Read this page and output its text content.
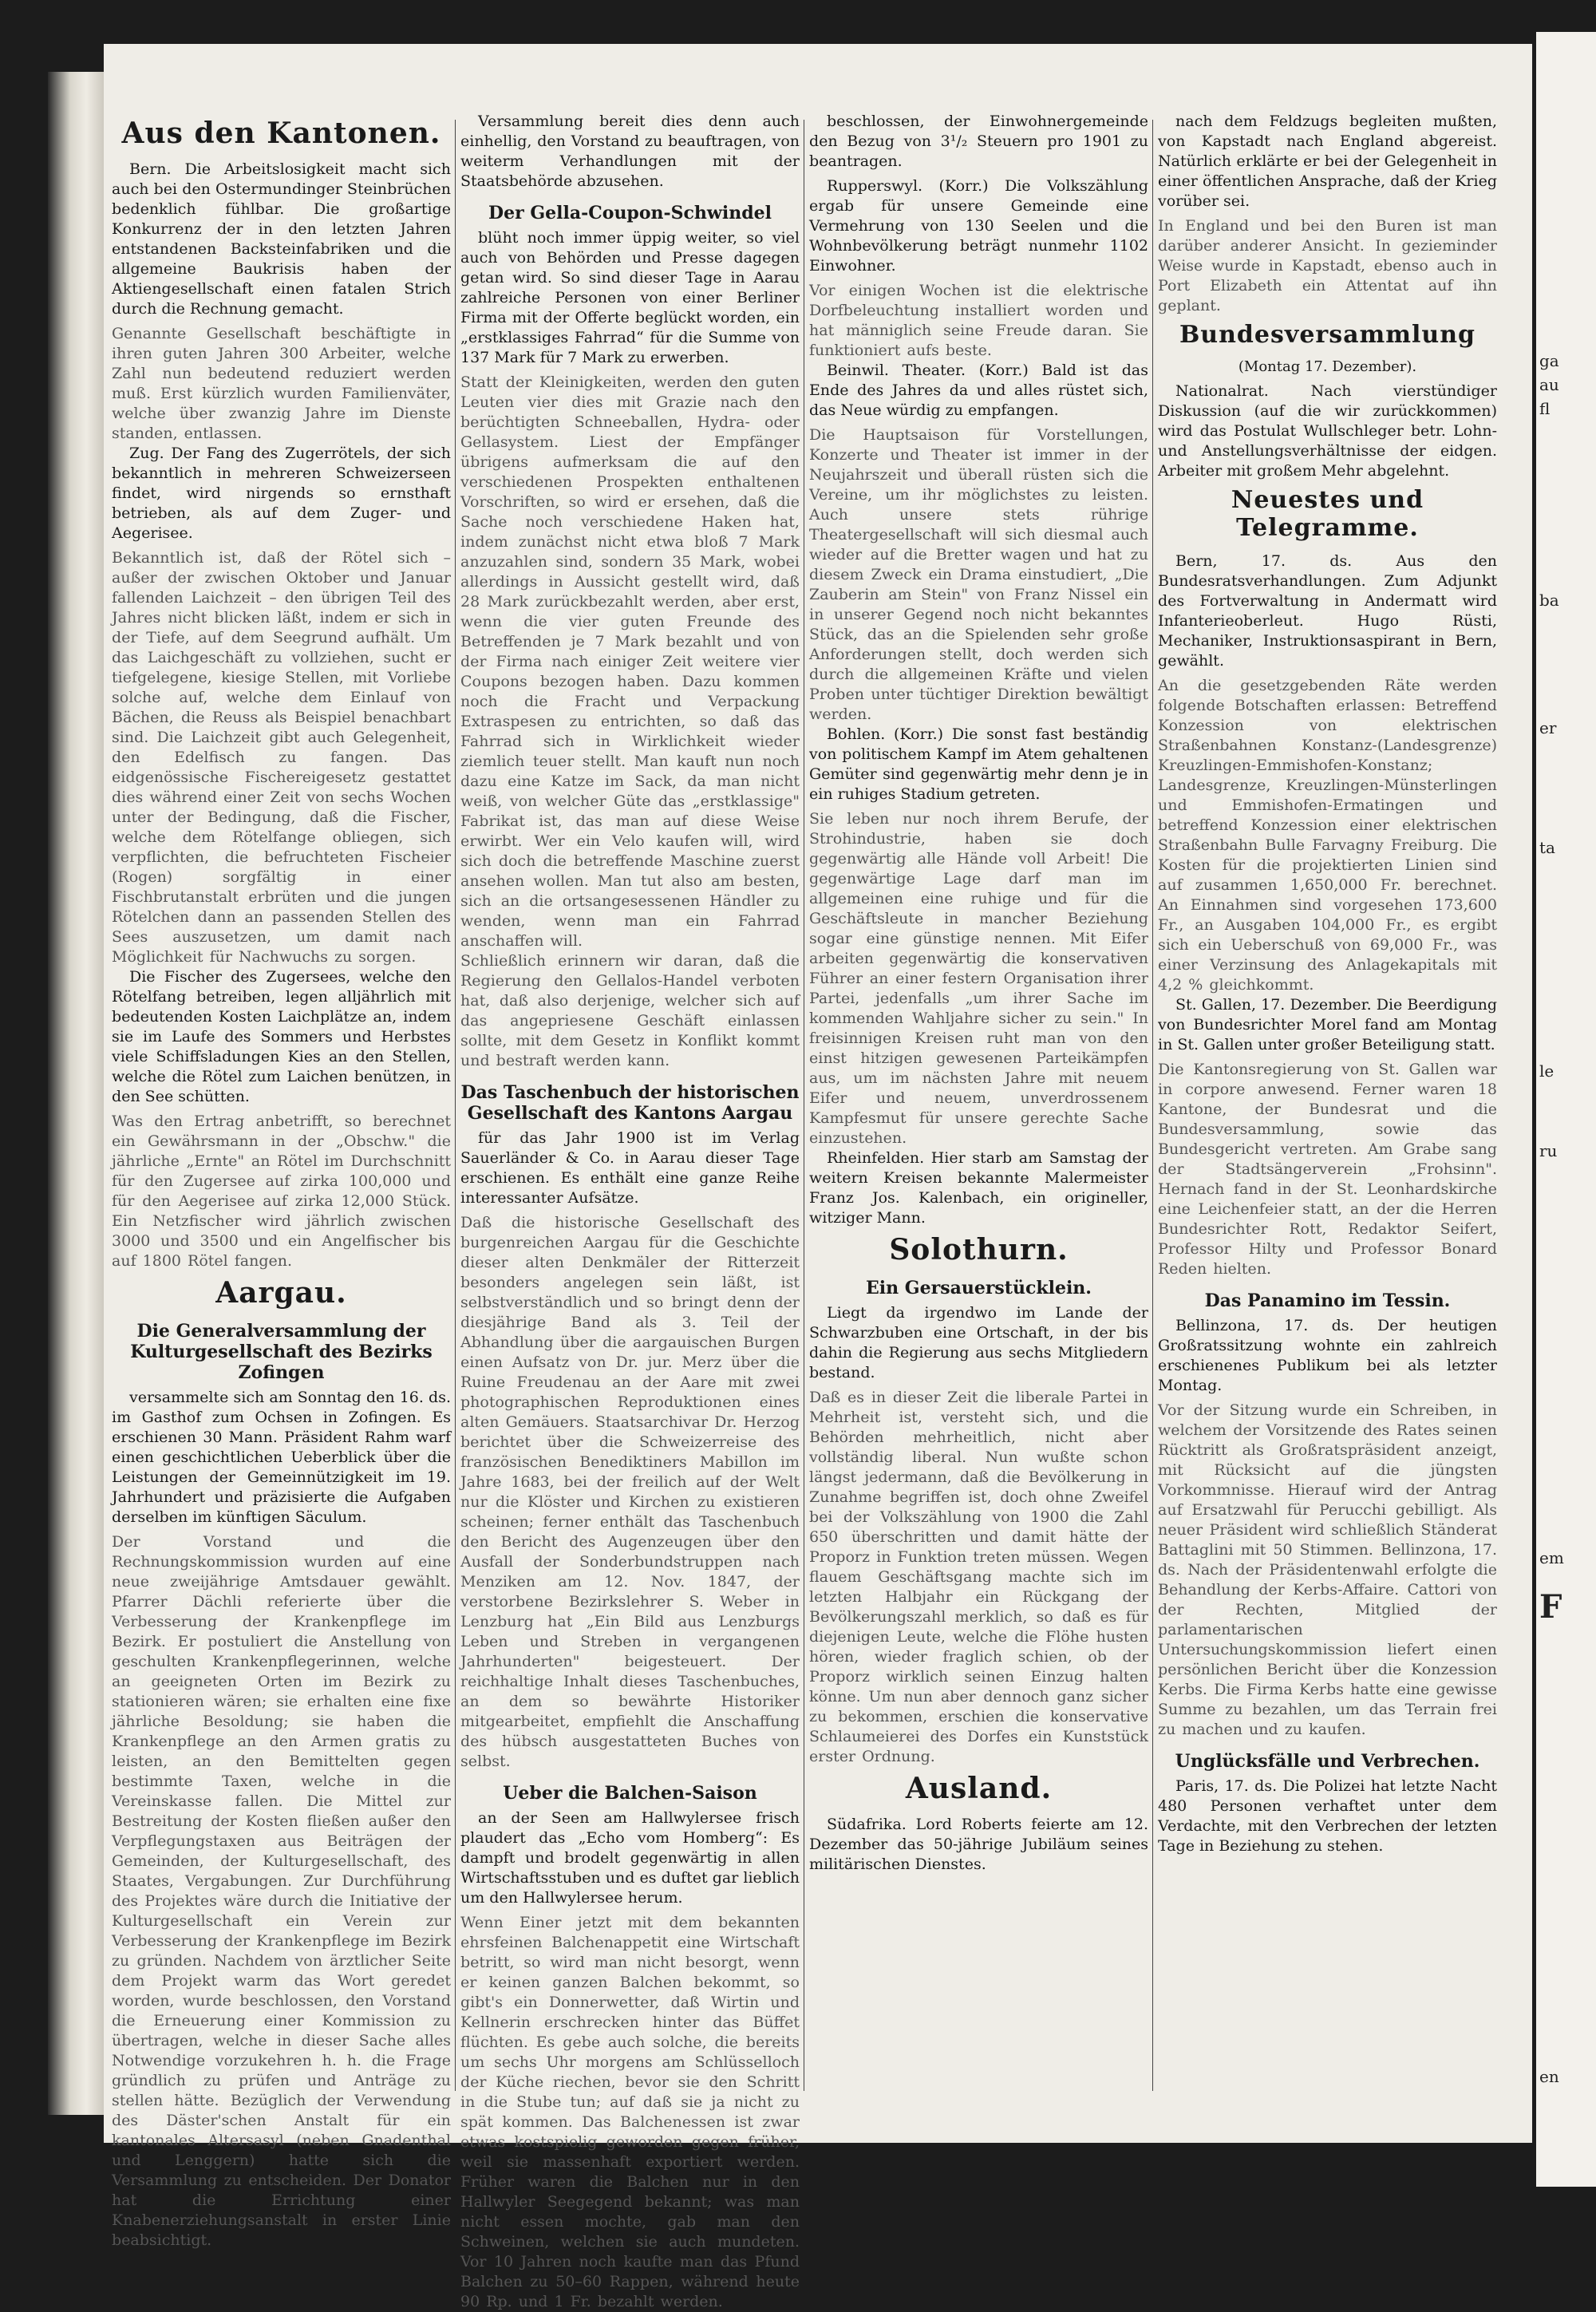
Aus den Kantonen.

Bern. Die Arbeitslosigkeit macht sich auch bei den Ostermundinger Steinbrüchen bedenklich fühlbar. Die großartige Konkurrenz der in den letzten Jahren entstandenen Backsteinfabriken und die allgemeine Baukrisis haben der Aktiengesellschaft einen fatalen Strich durch die Rechnung gemacht.

Genannte Gesellschaft beschäftigte in ihren guten Jahren 300 Arbeiter, welche Zahl nun bedeutend reduziert werden muß. Erst kürzlich wurden Familienväter, welche über zwanzig Jahre im Dienste standen, entlassen.

Zug. Der Fang des Zugerrötels, der sich bekanntlich in mehreren Schweizerseen findet, wird nirgends so ernsthaft betrieben, als auf dem Zuger- und Aegerisee.

Bekanntlich ist, daß der Rötel sich – außer der zwischen Oktober und Januar fallenden Laichzeit – den übrigen Teil des Jahres nicht blicken läßt, indem er sich in der Tiefe, auf dem Seegrund aufhält. Um das Laichgeschäft zu vollziehen, sucht er tiefgelegene, kiesige Stellen, mit Vorliebe solche auf, welche dem Einlauf von Bächen, die Reuss als Beispiel benachbart sind. Die Laichzeit gibt auch Gelegenheit, den Edelfisch zu fangen. Das eidgenössische Fischereigesetz gestattet dies während einer Zeit von sechs Wochen unter der Bedingung, daß die Fischer, welche dem Rötelfange obliegen, sich verpflichten, die befruchteten Fischeier (Rogen) sorgfältig in einer Fischbrutanstalt erbrüten und die jungen Rötelchen dann an passenden Stellen des Sees auszusetzen, um damit nach Möglichkeit für Nachwuchs zu sorgen.

Die Fischer des Zugersees, welche den Rötelfang betreiben, legen alljährlich mit bedeutenden Kosten Laichplätze an, indem sie im Laufe des Sommers und Herbstes viele Schiffsladungen Kies an den Stellen, welche die Rötel zum Laichen benützen, in den See schütten.

Was den Ertrag anbetrifft, so berechnet ein Gewährsmann in der „Obschw." die jährliche „Ernte" an Rötel im Durchschnitt für den Zugersee auf zirka 100,000 und für den Aegerisee auf zirka 12,000 Stück. Ein Netzfischer wird jährlich zwischen 3000 und 3500 und ein Angelfischer bis auf 1800 Rötel fangen.

Aargau.
Die Generalversammlung der Kulturgesellschaft des Bezirks Zofingen

versammelte sich am Sonntag den 16. ds. im Gasthof zum Ochsen in Zofingen. Es erschienen 30 Mann. Präsident Rahm warf einen geschichtlichen Ueberblick über die Leistungen der Gemeinnützigkeit im 19. Jahrhundert und präzisierte die Aufgaben derselben im künftigen Säculum.

Der Vorstand und die Rechnungskommission wurden auf eine neue zweijährige Amtsdauer gewählt. Pfarrer Dächli referierte über die Verbesserung der Krankenpflege im Bezirk. Er postuliert die Anstellung von geschulten Krankenpflegerinnen, welche an geeigneten Orten im Bezirk zu stationieren wären; sie erhalten eine fixe jährliche Besoldung; sie haben die Krankenpflege an den Armen gratis zu leisten, an den Bemittelten gegen bestimmte Taxen, welche in die Vereinskasse fallen. Die Mittel zur Bestreitung der Kosten fließen außer den Verpflegungstaxen aus Beiträgen der Gemeinden, der Kulturgesellschaft, des Staates, Vergabungen. Zur Durchführung des Projektes wäre durch die Initiative der Kulturgesellschaft ein Verein zur Verbesserung der Krankenpflege im Bezirk zu gründen. Nachdem von ärztlicher Seite dem Projekt warm das Wort geredet worden, wurde beschlossen, den Vorstand die Erneuerung einer Kommission zu übertragen, welche in dieser Sache alles Notwendige vorzukehren h. h. die Frage gründlich zu prüfen und Anträge zu stellen hätte. Bezüglich der Verwendung des Däster'schen Anstalt für ein kantonales Altersasyl (neben Gnadenthal und Lenggern) hatte sich die Versammlung zu entscheiden. Der Donator hat die Errichtung einer Knabenerziehungsanstalt in erster Linie beabsichtigt.

Versammlung bereit dies denn auch einhellig, den Vorstand zu beauftragen, von weiterm Verhandlungen mit der Staatsbehörde abzusehen.

Der Gella-Coupon-Schwindel

blüht noch immer üppig weiter, so viel auch von Behörden und Presse dagegen getan wird. So sind dieser Tage in Aarau zahlreiche Personen von einer Berliner Firma mit der Offerte beglückt worden, ein „erstklassiges Fahrrad“ für die Summe von 137 Mark für 7 Mark zu erwerben.

Statt der Kleinigkeiten, werden den guten Leuten vier dies mit Grazie nach den berüchtigten Schneeballen, Hydra- oder Gellasystem. Liest der Empfänger übrigens aufmerksam die auf den verschiedenen Prospekten enthaltenen Vorschriften, so wird er ersehen, daß die Sache noch verschiedene Haken hat, indem zunächst nicht etwa bloß 7 Mark anzuzahlen sind, sondern 35 Mark, wobei allerdings in Aussicht gestellt wird, daß 28 Mark zurückbezahlt werden, aber erst, wenn die vier guten Freunde des Betreffenden je 7 Mark bezahlt und von der Firma nach einiger Zeit weitere vier Coupons bezogen haben. Dazu kommen noch die Fracht und Verpackung Extraspesen zu entrichten, so daß das Fahrrad sich in Wirklichkeit wieder ziemlich teuer stellt. Man kauft nun noch dazu eine Katze im Sack, da man nicht weiß, von welcher Güte das „erstklassige" Fabrikat ist, das man auf diese Weise erwirbt. Wer ein Velo kaufen will, wird sich doch die betreffende Maschine zuerst ansehen wollen. Man tut also am besten, sich an die ortsangesessenen Händler zu wenden, wenn man ein Fahrrad anschaffen will.

Schließlich erinnern wir daran, daß die Regierung den Gellalos-Handel verboten hat, daß also derjenige, welcher sich auf das angepriesene Geschäft einlassen sollte, mit dem Gesetz in Konflikt kommt und bestraft werden kann.

Das Taschenbuch der historischen Gesellschaft des Kantons Aargau

für das Jahr 1900 ist im Verlag Sauerländer & Co. in Aarau dieser Tage erschienen. Es enthält eine ganze Reihe interessanter Aufsätze.

Daß die historische Gesellschaft des burgenreichen Aargau für die Geschichte dieser alten Denkmäler der Ritterzeit besonders angelegen sein läßt, ist selbstverständlich und so bringt denn der diesjährige Band als 3. Teil der Abhandlung über die aargauischen Burgen einen Aufsatz von Dr. jur. Merz über die Ruine Freudenau an der Aare mit zwei photographischen Reproduktionen eines alten Gemäuers. Staatsarchivar Dr. Herzog berichtet über die Schweizerreise des französischen Benediktiners Mabillon im Jahre 1683, bei der freilich auf der Welt nur die Klöster und Kirchen zu existieren scheinen; ferner enthält das Taschenbuch den Bericht des Augenzeugen über den Ausfall der Sonderbundstruppen nach Menziken am 12. Nov. 1847, der verstorbene Bezirkslehrer S. Weber in Lenzburg hat „Ein Bild aus Lenzburgs Leben und Streben in vergangenen Jahrhunderten" beigesteuert. Der reichhaltige Inhalt dieses Taschenbuches, an dem so bewährte Historiker mitgearbeitet, empfiehlt die Anschaffung des hübsch ausgestatteten Buches von selbst.

Ueber die Balchen-Saison

an der Seen am Hallwylersee frisch plaudert das „Echo vom Homberg“: Es dampft und brodelt gegenwärtig in allen Wirtschaftsstuben und es duftet gar lieblich um den Hallwylersee herum.

Wenn Einer jetzt mit dem bekannten ehrsfeinen Balchenappetit eine Wirtschaft betritt, so wird man nicht besorgt, wenn er keinen ganzen Balchen bekommt, so gibt's ein Donnerwetter, daß Wirtin und Kellnerin erschrecken hinter das Büffet flüchten. Es gebe auch solche, die bereits um sechs Uhr morgens am Schlüsselloch der Küche riechen, bevor sie den Schritt in die Stube tun; auf daß sie ja nicht zu spät kommen. Das Balchenessen ist zwar etwas kostspielig geworden gegen früher, weil sie massenhaft exportiert werden. Früher waren die Balchen nur in den Hallwyler Seegegend bekannt; was man nicht essen mochte, gab man den Schweinen, welchen sie auch mundeten. Vor 10 Jahren noch kaufte man das Pfund Balchen zu 50–60 Rappen, während heute 90 Rp. und 1 Fr. bezahlt werden.

beschlossen, der Einwohnergemeinde den Bezug von 3¹/₂ Steuern pro 1901 zu beantragen.

Rupperswyl. (Korr.) Die Volkszählung ergab für unsere Gemeinde eine Vermehrung von 130 Seelen und die Wohnbevölkerung beträgt nunmehr 1102 Einwohner.

Vor einigen Wochen ist die elektrische Dorfbeleuchtung installiert worden und hat männiglich seine Freude daran. Sie funktioniert aufs beste.

Beinwil. Theater. (Korr.) Bald ist das Ende des Jahres da und alles rüstet sich, das Neue würdig zu empfangen.

Die Hauptsaison für Vorstellungen, Konzerte und Theater ist immer in der Neujahrszeit und überall rüsten sich die Vereine, um ihr möglichstes zu leisten. Auch unsere stets rührige Theatergesellschaft will sich diesmal auch wieder auf die Bretter wagen und hat zu diesem Zweck ein Drama einstudiert, „Die Zauberin am Stein" von Franz Nissel ein in unserer Gegend noch nicht bekanntes Stück, das an die Spielenden sehr große Anforderungen stellt, doch werden sich durch die allgemeinen Kräfte und vielen Proben unter tüchtiger Direktion bewältigt werden.

Bohlen. (Korr.) Die sonst fast beständig von politischem Kampf im Atem gehaltenen Gemüter sind gegenwärtig mehr denn je in ein ruhiges Stadium getreten.

Sie leben nur noch ihrem Berufe, der Strohindustrie, haben sie doch gegenwärtig alle Hände voll Arbeit! Die gegenwärtige Lage darf man im allgemeinen eine ruhige und für die Geschäftsleute in mancher Beziehung sogar eine günstige nennen. Mit Eifer arbeiten gegenwärtig die konservativen Führer an einer festern Organisation ihrer Partei, jedenfalls „um ihrer Sache im kommenden Wahljahre sicher zu sein." In freisinnigen Kreisen ruht man von den einst hitzigen gewesenen Parteikämpfen aus, um im nächsten Jahre mit neuem Eifer und neuem, unverdrossenem Kampfesmut für unsere gerechte Sache einzustehen.

Rheinfelden. Hier starb am Samstag der weitern Kreisen bekannte Malermeister Franz Jos. Kalenbach, ein origineller, witziger Mann.

Solothurn.
Ein Gersauerstücklein.

Liegt da irgendwo im Lande der Schwarzbuben eine Ortschaft, in der bis dahin die Regierung aus sechs Mitgliedern bestand.

Daß es in dieser Zeit die liberale Partei in Mehrheit ist, versteht sich, und die Behörden mehrheitlich, nicht aber vollständig liberal. Nun wußte schon längst jedermann, daß die Bevölkerung in Zunahme begriffen ist, doch ohne Zweifel bei der Volkszählung von 1900 die Zahl 650 überschritten und damit hätte der Proporz in Funktion treten müssen. Wegen flauem Geschäftsgang machte sich im letzten Halbjahr ein Rückgang der Bevölkerungszahl merklich, so daß es für diejenigen Leute, welche die Flöhe husten hören, wieder fraglich schien, ob der Proporz wirklich seinen Einzug halten könne. Um nun aber dennoch ganz sicher zu bekommen, erschien die konservative Schlaumeierei des Dorfes ein Kunststück erster Ordnung.

Ausland.

Südafrika. Lord Roberts feierte am 12. Dezember das 50-jährige Jubiläum seines militärischen Dienstes.

nach dem Feldzugs begleiten mußten, von Kapstadt nach England abgereist. Natürlich erklärte er bei der Gelegenheit in einer öffentlichen Ansprache, daß der Krieg vorüber sei.

In England und bei den Buren ist man darüber anderer Ansicht. In gezieminder Weise wurde in Kapstadt, ebenso auch in Port Elizabeth ein Attentat auf ihn geplant.

Bundesversammlung
(Montag 17. Dezember).

Nationalrat. Nach vierstündiger Diskussion (auf die wir zurückkommen) wird das Postulat Wullschleger betr. Lohn- und Anstellungsverhältnisse der eidgen. Arbeiter mit großem Mehr abgelehnt.

Neuestes und Telegramme.

Bern, 17. ds. Aus den Bundesratsverhandlungen. Zum Adjunkt des Fortverwaltung in Andermatt wird Infanterieoberleut. Hugo Rüsti, Mechaniker, Instruktionsaspirant in Bern, gewählt.

An die gesetzgebenden Räte werden folgende Botschaften erlassen: Betreffend Konzession von elektrischen Straßenbahnen Konstanz-(Landesgrenze) Kreuzlingen-Emmishofen-Konstanz; Landesgrenze, Kreuzlingen-Münsterlingen und Emmishofen-Ermatingen und betreffend Konzession einer elektrischen Straßenbahn Bulle Farvagny Freiburg. Die Kosten für die projektierten Linien sind auf zusammen 1,650,000 Fr. berechnet. An Einnahmen sind vorgesehen 173,600 Fr., an Ausgaben 104,000 Fr., es ergibt sich ein Ueberschuß von 69,000 Fr., was einer Verzinsung des Anlagekapitals mit 4,2 % gleichkommt.

St. Gallen, 17. Dezember. Die Beerdigung von Bundesrichter Morel fand am Montag in St. Gallen unter großer Beteiligung statt.

Die Kantonsregierung von St. Gallen war in corpore anwesend. Ferner waren 18 Kantone, der Bundesrat und die Bundesversammlung, sowie das Bundesgericht vertreten. Am Grabe sang der Stadtsängerverein „Frohsinn". Hernach fand in der St. Leonhardskirche eine Leichenfeier statt, an der die Herren Bundesrichter Rott, Redaktor Seifert, Professor Hilty und Professor Bonard Reden hielten.

Das Panamino im Tessin.

Bellinzona, 17. ds. Der heutigen Großratssitzung wohnte ein zahlreich erschienenes Publikum bei als letzter Montag.

Vor der Sitzung wurde ein Schreiben, in welchem der Vorsitzende des Rates seinen Rücktritt als Großratspräsident anzeigt, mit Rücksicht auf die jüngsten Vorkommnisse. Hierauf wird der Antrag auf Ersatzwahl für Perucchi gebilligt. Als neuer Präsident wird schließlich Ständerat Battaglini mit 50 Stimmen. Bellinzona, 17. ds. Nach der Präsidentenwahl erfolgte die Behandlung der Kerbs-Affaire. Cattori von der Rechten, Mitglied der parlamentarischen Untersuchungskommission liefert einen persönlichen Bericht über die Konzession Kerbs. Die Firma Kerbs hatte eine gewisse Summe zu bezahlen, um das Terrain frei zu machen und zu kaufen.

Unglücksfälle und Verbrechen.

Paris, 17. ds. Die Polizei hat letzte Nacht 480 Personen verhaftet unter dem Verdachte, mit den Verbrechen der letzten Tage in Beziehung zu stehen.

ga
au
fl
ba
er
ta
le
ru
em
F
en
